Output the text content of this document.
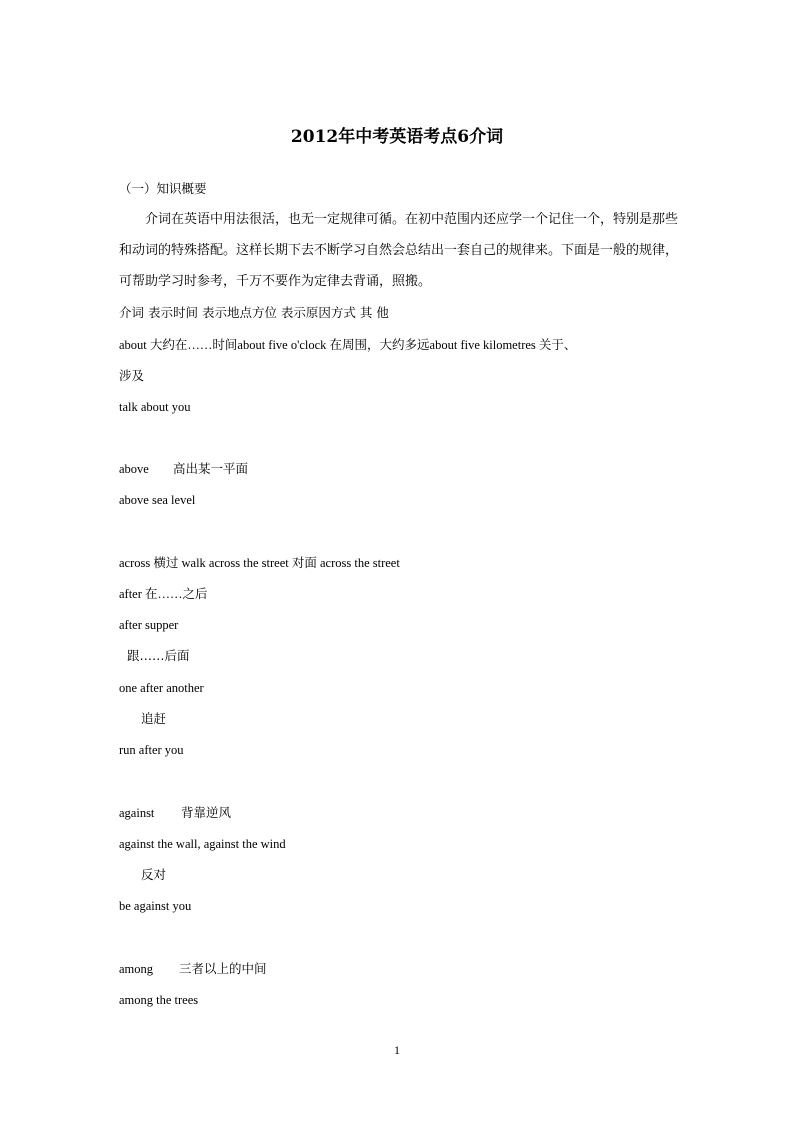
2012年中考英语考点6介词
（一）知识概要
介词在英语中用法很活，也无一定规律可循。在初中范围内还应学一个记住一个，特别是那些和动词的特殊搭配。这样长期下去不断学习自然会总结出一套自己的规律来。下面是一般的规律，可帮助学习时参考，千万不要作为定律去背诵，照搬。
介词 表示时间 表示地点方位 表示原因方式 其 他
about 大约在……时间about five o'clock 在周围，大约多远about five kilometres 关于、
涉及
talk about you
above 高出某一平面
above sea level
across 横过 walk across the street 对面 across the street
after 在……之后
after supper
跟……后面
one after another
追赶
run after you
against 背靠逆风
against the wall, against the wind
反对
be against you
among 三者以上的中间
among the trees
1
